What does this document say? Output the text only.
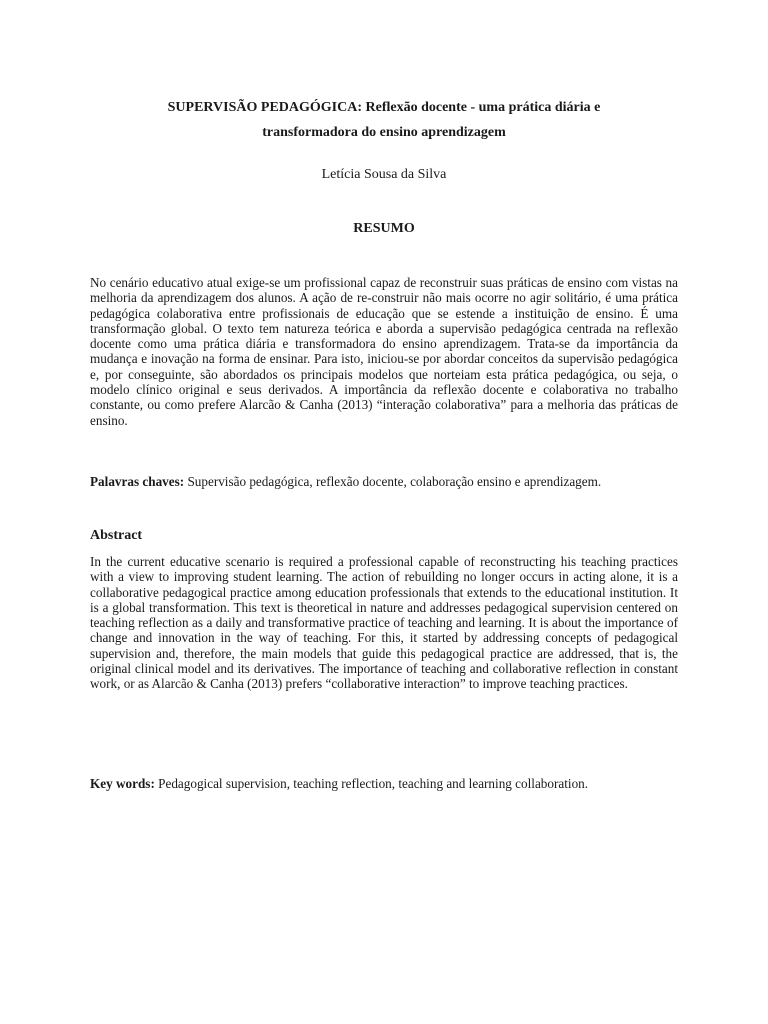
SUPERVISÃO PEDAGÓGICA: Reflexão docente - uma prática diária e
transformadora do ensino aprendizagem
Letícia Sousa da Silva
RESUMO

No cenário educativo atual exige-se um profissional capaz de reconstruir suas práticas de ensino com vistas na melhoria da aprendizagem dos alunos. A ação de re-construir não mais ocorre no agir solitário, é uma prática pedagógica colaborativa entre profissionais de educação que se estende a instituição de ensino. É uma transformação global. O texto tem natureza teórica e aborda a supervisão pedagógica centrada na reflexão docente como uma prática diária e transformadora do ensino aprendizagem. Trata-se da importância da mudança e inovação na forma de ensinar. Para isto, iniciou-se por abordar conceitos da supervisão pedagógica e, por conseguinte, são abordados os principais modelos que norteiam esta prática pedagógica, ou seja, o modelo clínico original e seus derivados. A importância da reflexão docente e colaborativa no trabalho constante, ou como prefere Alarcão & Canha (2013) “interação colaborativa” para a melhoria das práticas de ensino.

Palavras chaves: Supervisão pedagógica, reflexão docente, colaboração ensino e aprendizagem.
Abstract

In the current educative scenario is required a professional capable of reconstructing his teaching practices with a view to improving student learning. The action of rebuilding no longer occurs in acting alone, it is a collaborative pedagogical practice among education professionals that extends to the educational institution. It is a global transformation. This text is theoretical in nature and addresses pedagogical supervision centered on teaching reflection as a daily and transformative practice of teaching and learning. It is about the importance of change and innovation in the way of teaching. For this, it started by addressing concepts of pedagogical supervision and, therefore, the main models that guide this pedagogical practice are addressed, that is, the original clinical model and its derivatives. The importance of teaching and collaborative reflection in constant work, or as Alarcão & Canha (2013) prefers “collaborative interaction” to improve teaching practices.

Key words: Pedagogical supervision, teaching reflection, teaching and learning collaboration.
